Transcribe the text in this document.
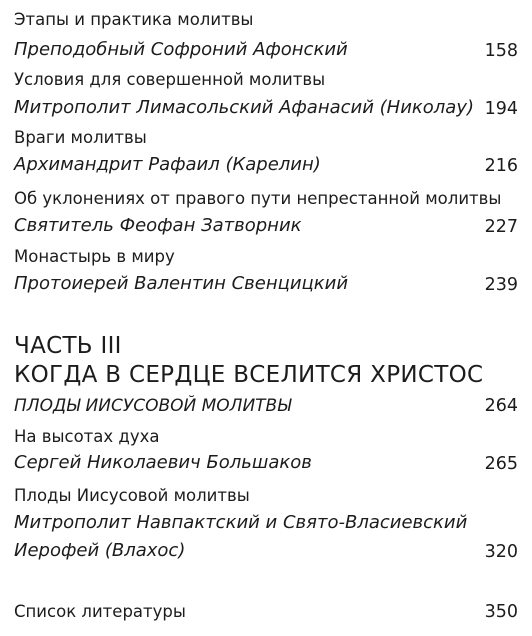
Этапы и практика молитвы
Преподобный Софроний Афонский	158
Условия для совершенной молитвы
Митрополит Лимасольский Афанасий (Николау) 194
Враги молитвы
Архимандрит Рафаил (Карелин)	216
Об уклонениях от правого пути непрестанной молитвы
Святитель Феофан Затворник	227
Монастырь в миру
Протоиерей Валентин Свенцицкий	239
ЧАСТЬ III
КОГДА В СЕРДЦЕ ВСЕЛИТСЯ ХРИСТОС
ПЛОДЫ ИИСУСОВОЙ МОЛИТВЫ	264
На высотах духа
Сергей Николаевич Большаков	265
Плоды Иисусовой молитвы
Митрополит Навпактский и Свято-Власиевский
Иерофей (Влахос)	320
Список литературы	350
